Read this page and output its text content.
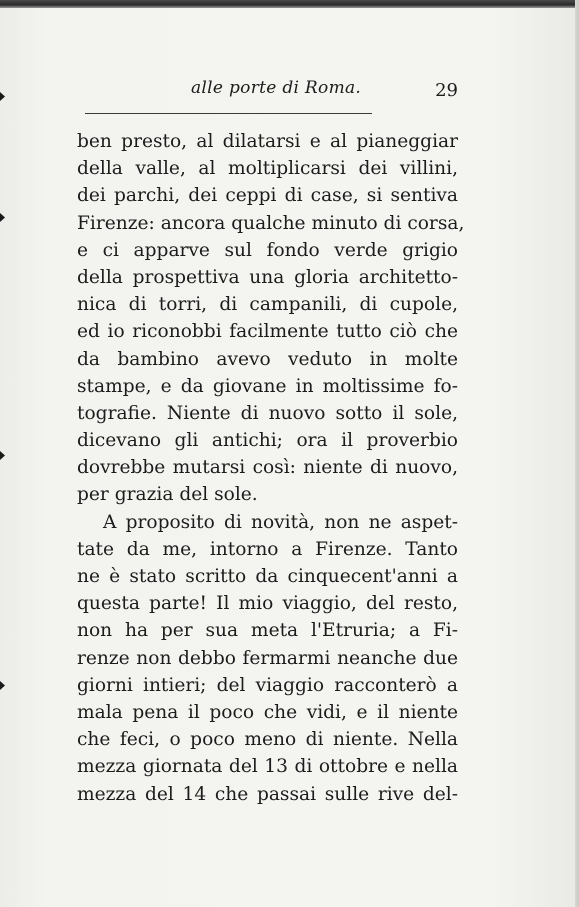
alle porte di Roma.	29
ben presto, al dilatarsi e al pianeggiar
della valle, al moltiplicarsi dei villini,
dei parchi, dei ceppi di case, si sentiva
Firenze: ancora qualche minuto di corsa,
e ci apparve sul fondo verde grigio
della prospettiva una gloria architetto-
nica di torri, di campanili, di cupole,
ed io riconobbi facilmente tutto ciò che
da bambino avevo veduto in molte
stampe, e da giovane in moltissime fo-
tografie. Niente di nuovo sotto il sole,
dicevano gli antichi; ora il proverbio
dovrebbe mutarsi così: niente di nuovo,
per grazia del sole.
A proposito di novità, non ne aspet-
tate da me, intorno a Firenze. Tanto
ne è stato scritto da cinquecent'anni a
questa parte! Il mio viaggio, del resto,
non ha per sua meta l'Etruria; a Fi-
renze non debbo fermarmi neanche due
giorni intieri; del viaggio racconterò a
mala pena il poco che vidi, e il niente
che feci, o poco meno di niente. Nella
mezza giornata del 13 di ottobre e nella
mezza del 14 che passai sulle rive del-
